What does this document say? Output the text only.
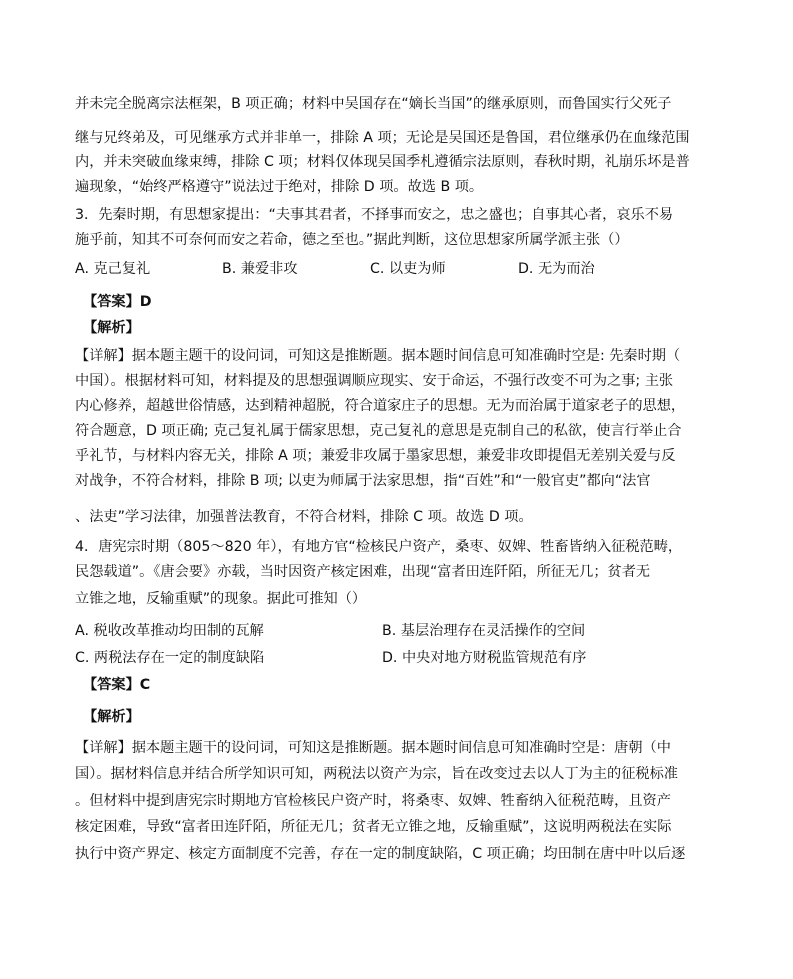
并未完全脱离宗法框架，B 项正确；材料中吴国存在“嫡长当国”的继承原则，而鲁国实行父死子
继与兄终弟及，可见继承方式并非单一，排除 A 项；无论是吴国还是鲁国，君位继承仍在血缘范围
内，并未突破血缘束缚，排除 C 项；材料仅体现吴国季札遵循宗法原则，春秋时期，礼崩乐坏是普
遍现象，“始终严格遵守”说法过于绝对，排除 D 项。故选 B 项。
3．先秦时期，有思想家提出：“夫事其君者，不择事而安之，忠之盛也；自事其心者，哀乐不易
施乎前，知其不可奈何而安之若命，德之至也。”据此判断，这位思想家所属学派主张（）
A. 克己复礼	B. 兼爱非攻	C. 以吏为师	D. 无为而治
【答案】D
【解析】
【详解】据本题主题干的设问词，可知这是推断题。据本题时间信息可知准确时空是: 先秦时期（
中国）。根据材料可知，材料提及的思想强调顺应现实、安于命运，不强行改变不可为之事; 主张
内心修养，超越世俗情感，达到精神超脱，符合道家庄子的思想。无为而治属于道家老子的思想，
符合题意，D 项正确; 克己复礼属于儒家思想，克己复礼的意思是克制自己的私欲，使言行举止合
乎礼节，与材料内容无关，排除 A 项；兼爱非攻属于墨家思想，兼爱非攻即提倡无差别关爱与反
对战争，不符合材料，排除 B 项; 以吏为师属于法家思想，指“百姓”和“一般官吏”都向“法官
、法吏”学习法律，加强普法教育，不符合材料，排除 C 项。故选 D 项。
4．唐宪宗时期（805～820 年），有地方官“检核民户资产，桑枣、奴婢、牲畜皆纳入征税范畴，
民怨载道”。《唐会要》亦载，当时因资产核定困难，出现“富者田连阡陌，所征无几；贫者无
立锥之地，反输重赋”的现象。据此可推知（）
A. 税收改革推动均田制的瓦解	B. 基层治理存在灵活操作的空间
C. 两税法存在一定的制度缺陷	D. 中央对地方财税监管规范有序
【答案】C
【解析】
【详解】据本题主题干的设问词，可知这是推断题。据本题时间信息可知准确时空是：唐朝（中
国）。据材料信息并结合所学知识可知，两税法以资产为宗，旨在改变过去以人丁为主的征税标准
。但材料中提到唐宪宗时期地方官检核民户资产时，将桑枣、奴婢、牲畜纳入征税范畴，且资产
核定困难，导致“富者田连阡陌，所征无几；贫者无立锥之地，反输重赋”，这说明两税法在实际
执行中资产界定、核定方面制度不完善，存在一定的制度缺陷，C 项正确；均田制在唐中叶以后逐
